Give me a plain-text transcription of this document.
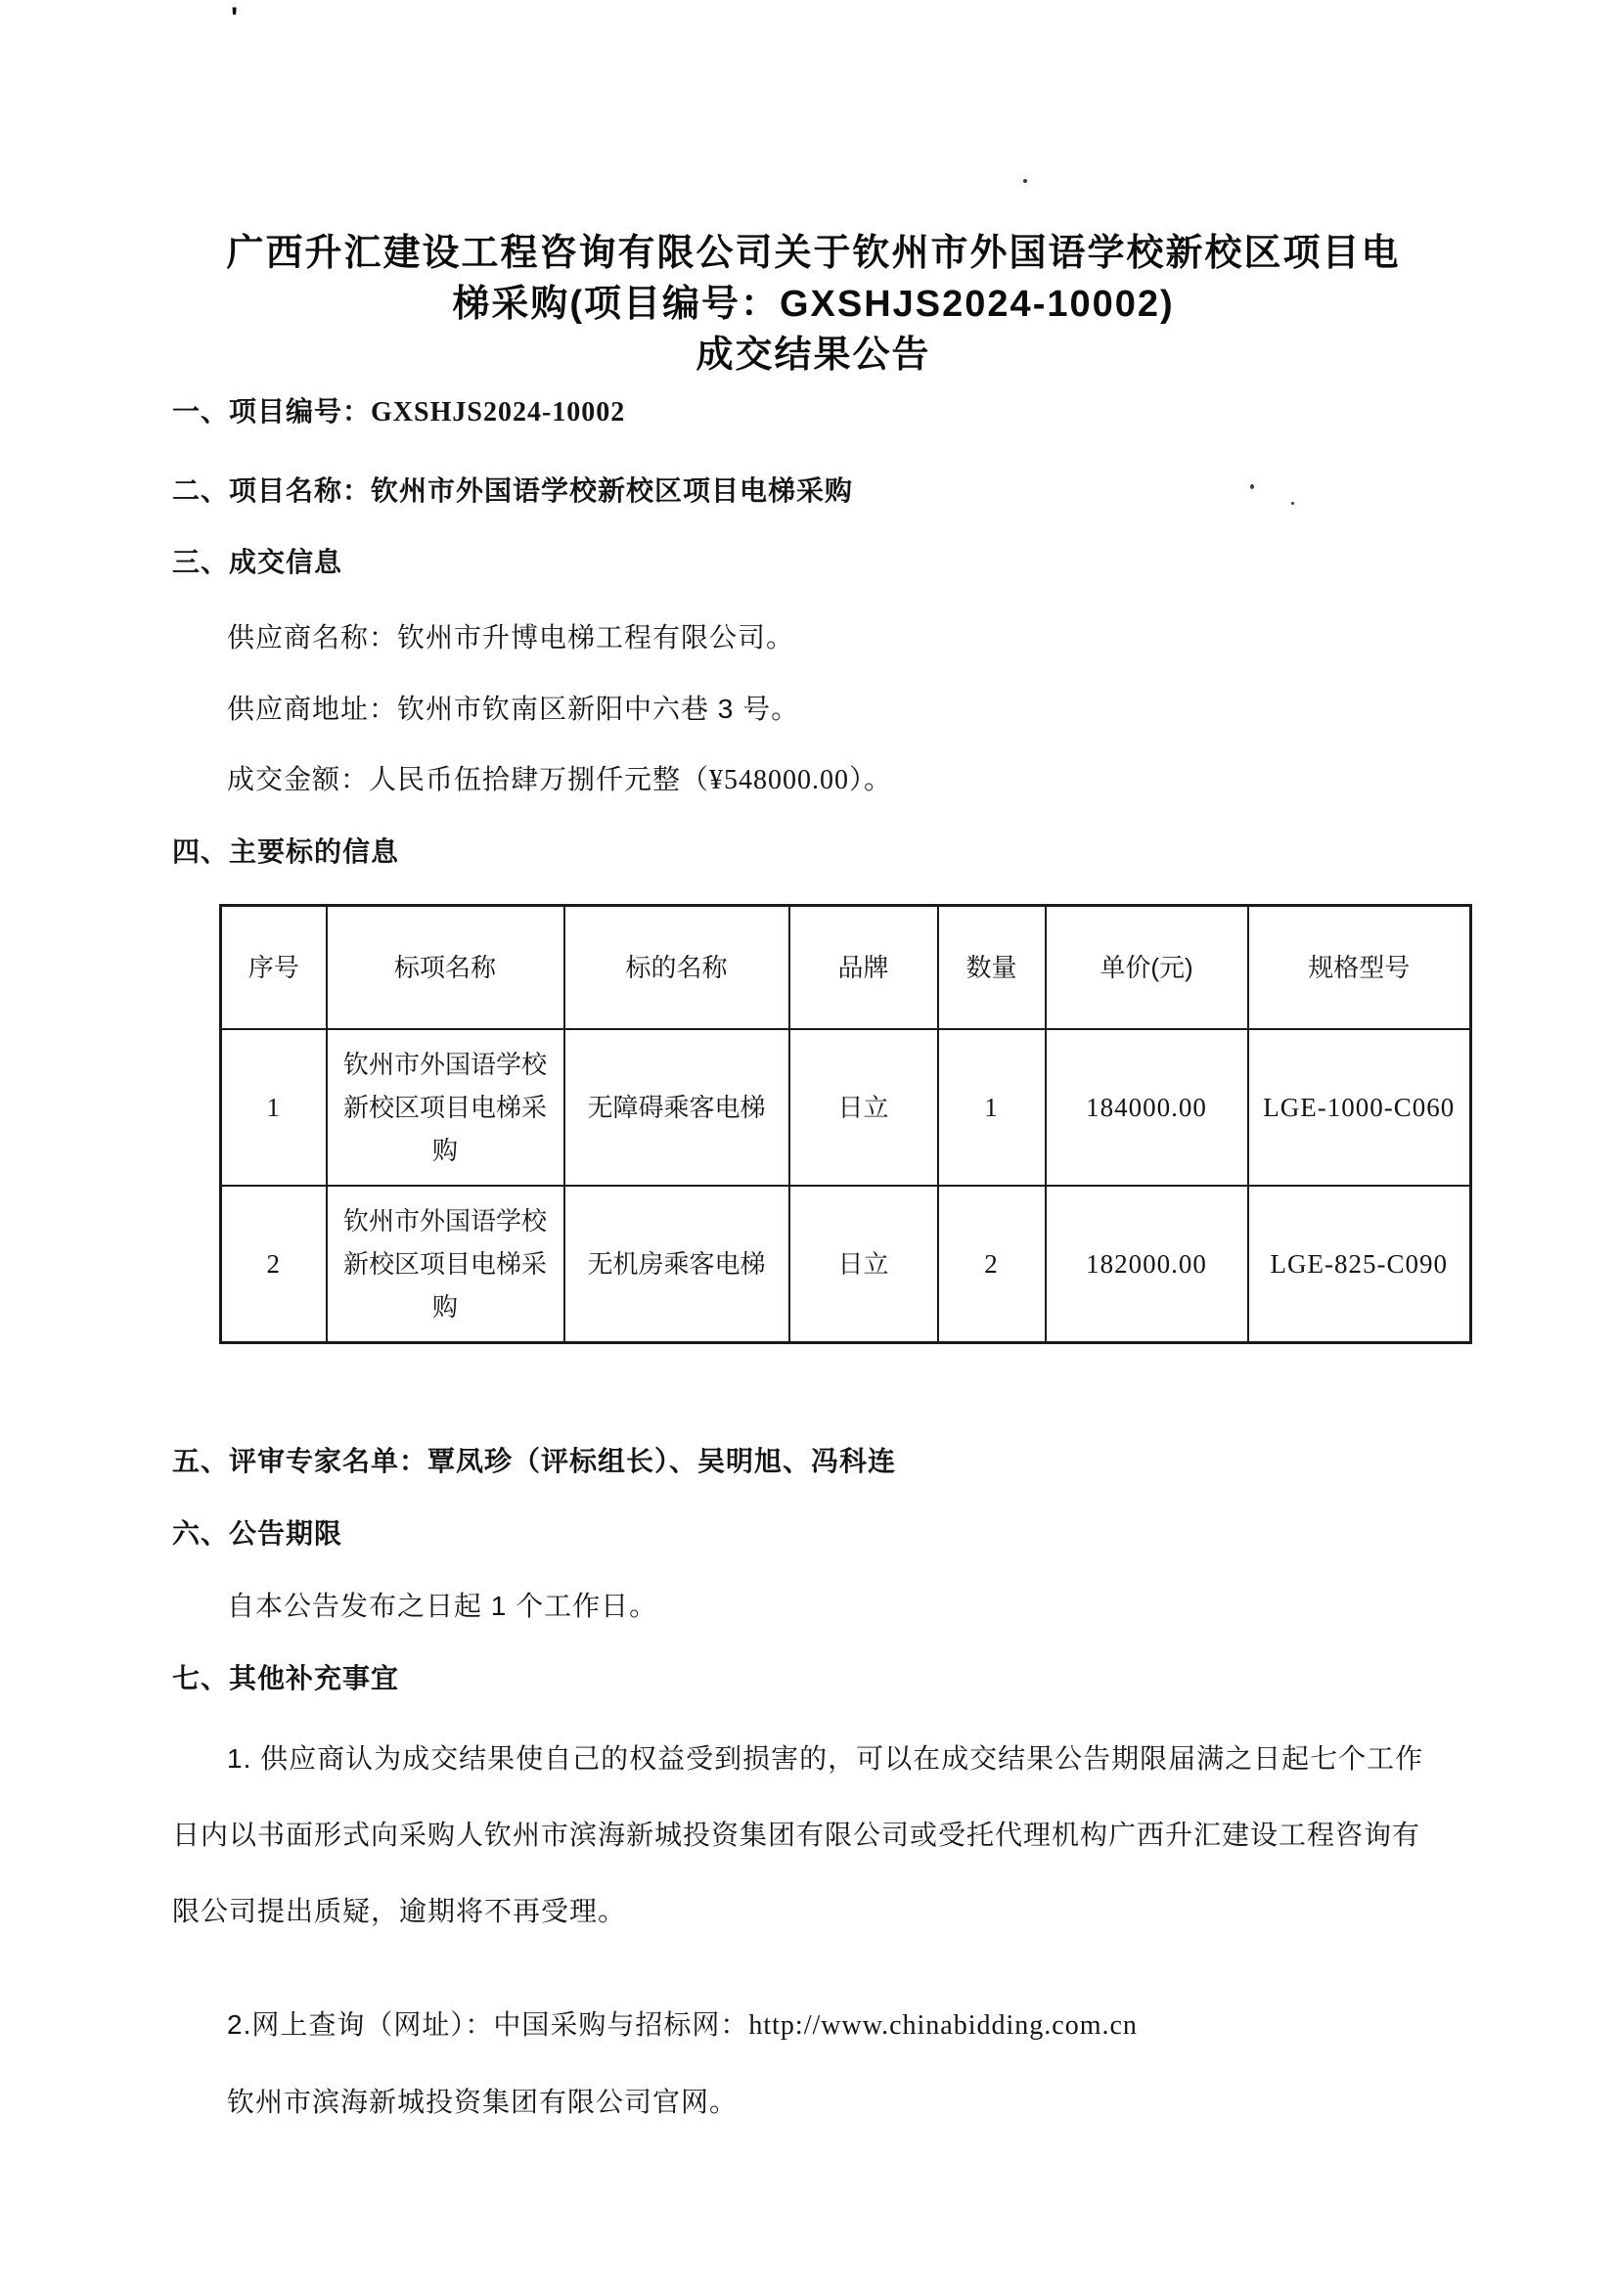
'
广西升汇建设工程咨询有限公司关于钦州市外国语学校新校区项目电
梯采购(项目编号：GXSHJS2024-10002)
成交结果公告
一、项目编号：GXSHJS2024-10002
二、项目名称：钦州市外国语学校新校区项目电梯采购
三、成交信息
供应商名称：钦州市升博电梯工程有限公司。
供应商地址：钦州市钦南区新阳中六巷 3 号。
成交金额：人民币伍拾肆万捌仟元整（¥548000.00）。
四、主要标的信息
序号	标项名称	标的名称	品牌	数量	单价(元)	规格型号
1	钦州市外国语学校新校区项目电梯采购	无障碍乘客电梯	日立	1	184000.00	LGE-1000-C060
2	钦州市外国语学校新校区项目电梯采购	无机房乘客电梯	日立	2	182000.00	LGE-825-C090
五、评审专家名单：覃凤珍（评标组长）、吴明旭、冯科连
六、公告期限
自本公告发布之日起 1 个工作日。
七、其他补充事宜
1. 供应商认为成交结果使自己的权益受到损害的，可以在成交结果公告期限届满之日起七个工作
日内以书面形式向采购人钦州市滨海新城投资集团有限公司或受托代理机构广西升汇建设工程咨询有
限公司提出质疑，逾期将不再受理。
2.网上查询（网址）：中国采购与招标网：http://www.chinabidding.com.cn
钦州市滨海新城投资集团有限公司官网。
